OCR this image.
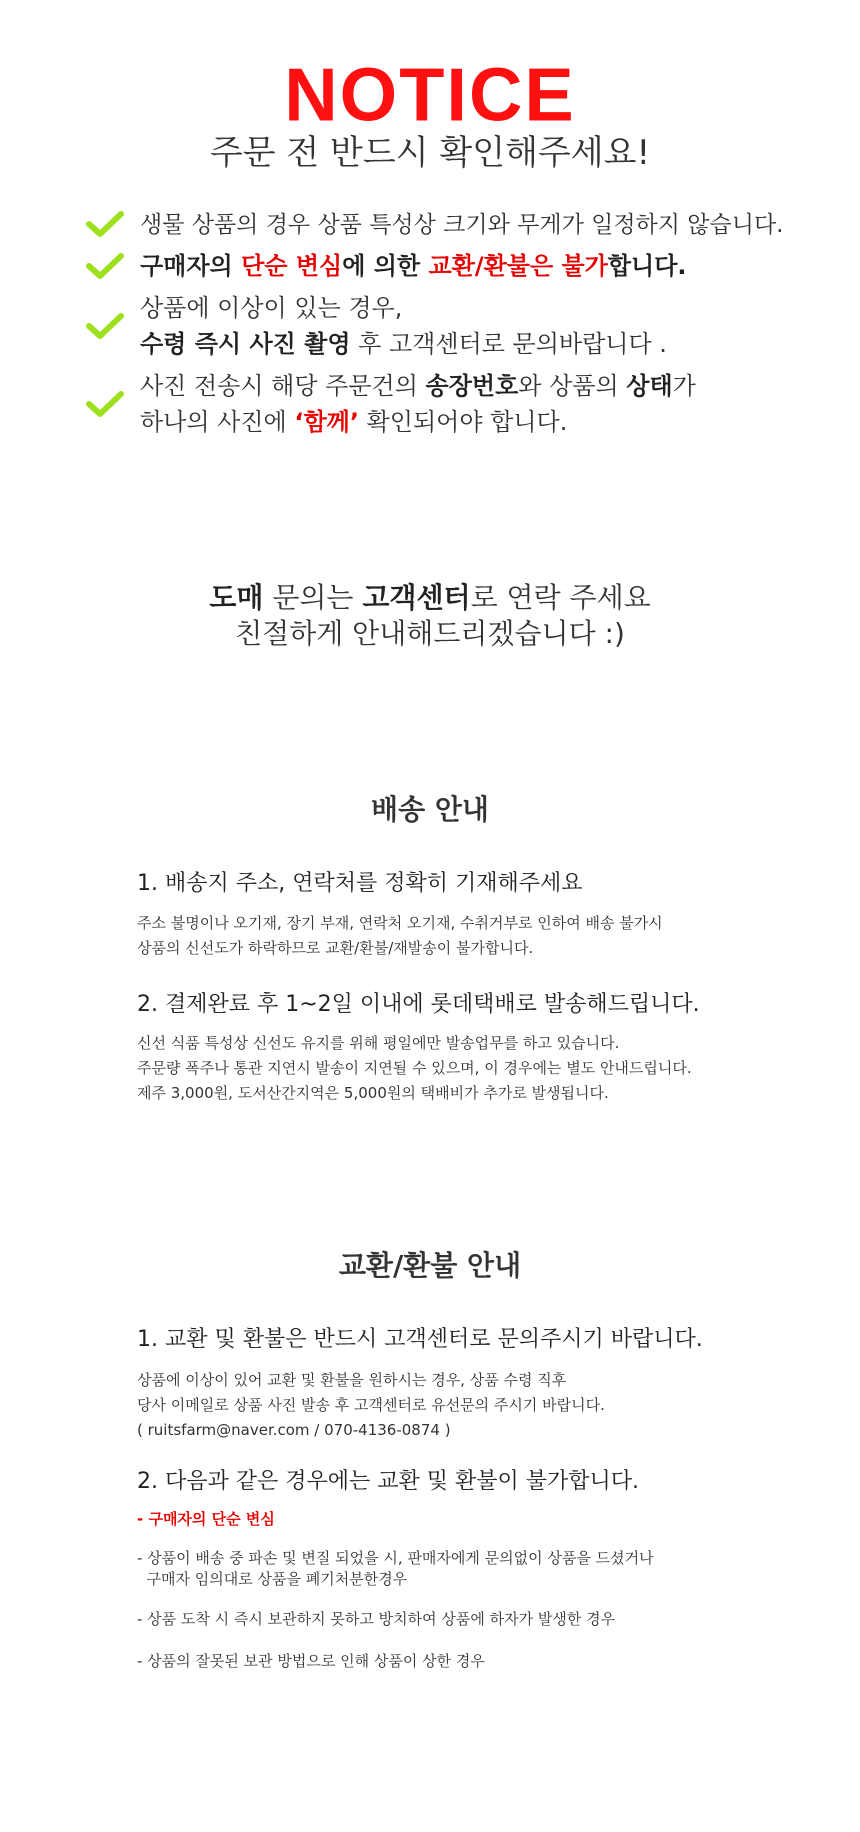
NOTICE
주문 전 반드시 확인해주세요!
생물 상품의 경우 상품 특성상 크기와 무게가 일정하지 않습니다.
구매자의 단순 변심에 의한 교환/환불은 불가합니다.
상품에 이상이 있는 경우,
수령 즉시 사진 촬영 후 고객센터로 문의바랍니다 .
사진 전송시 해당 주문건의 송장번호와 상품의 상태가
하나의 사진에 ‘함께’ 확인되어야 합니다.
도매 문의는 고객센터로 연락 주세요
친절하게 안내해드리겠습니다 :)
배송 안내
1. 배송지 주소, 연락처를 정확히 기재해주세요
주소 불명이나 오기재, 장기 부재, 연락처 오기재, 수취거부로 인하여 배송 불가시
상품의 신선도가 하락하므로 교환/환불/재발송이 불가합니다.
2. 결제완료 후 1~2일 이내에 롯데택배로 발송해드립니다.
신선 식품 특성상 신선도 유지를 위해 평일에만 발송업무를 하고 있습니다.
주문량 폭주나 통관 지연시 발송이 지연될 수 있으며, 이 경우에는 별도 안내드립니다.
제주 3,000원, 도서산간지역은 5,000원의 택배비가 추가로 발생됩니다.
교환/환불 안내
1. 교환 및 환불은 반드시 고객센터로 문의주시기 바랍니다.
상품에 이상이 있어 교환 및 환불을 원하시는 경우, 상품 수령 직후
당사 이메일로 상품 사진 발송 후 고객센터로 유선문의 주시기 바랍니다.
( ruitsfarm@naver.com / 070-4136-0874 )
2. 다음과 같은 경우에는 교환 및 환불이 불가합니다.
- 구매자의 단순 변심
- 상품이 배송 중 파손 및 변질 되었을 시, 판매자에게 문의없이 상품을 드셨거나
구매자 임의대로 상품을 폐기처분한경우
- 상품 도착 시 즉시 보관하지 못하고 방치하여 상품에 하자가 발생한 경우
- 상품의 잘못된 보관 방법으로 인해 상품이 상한 경우
